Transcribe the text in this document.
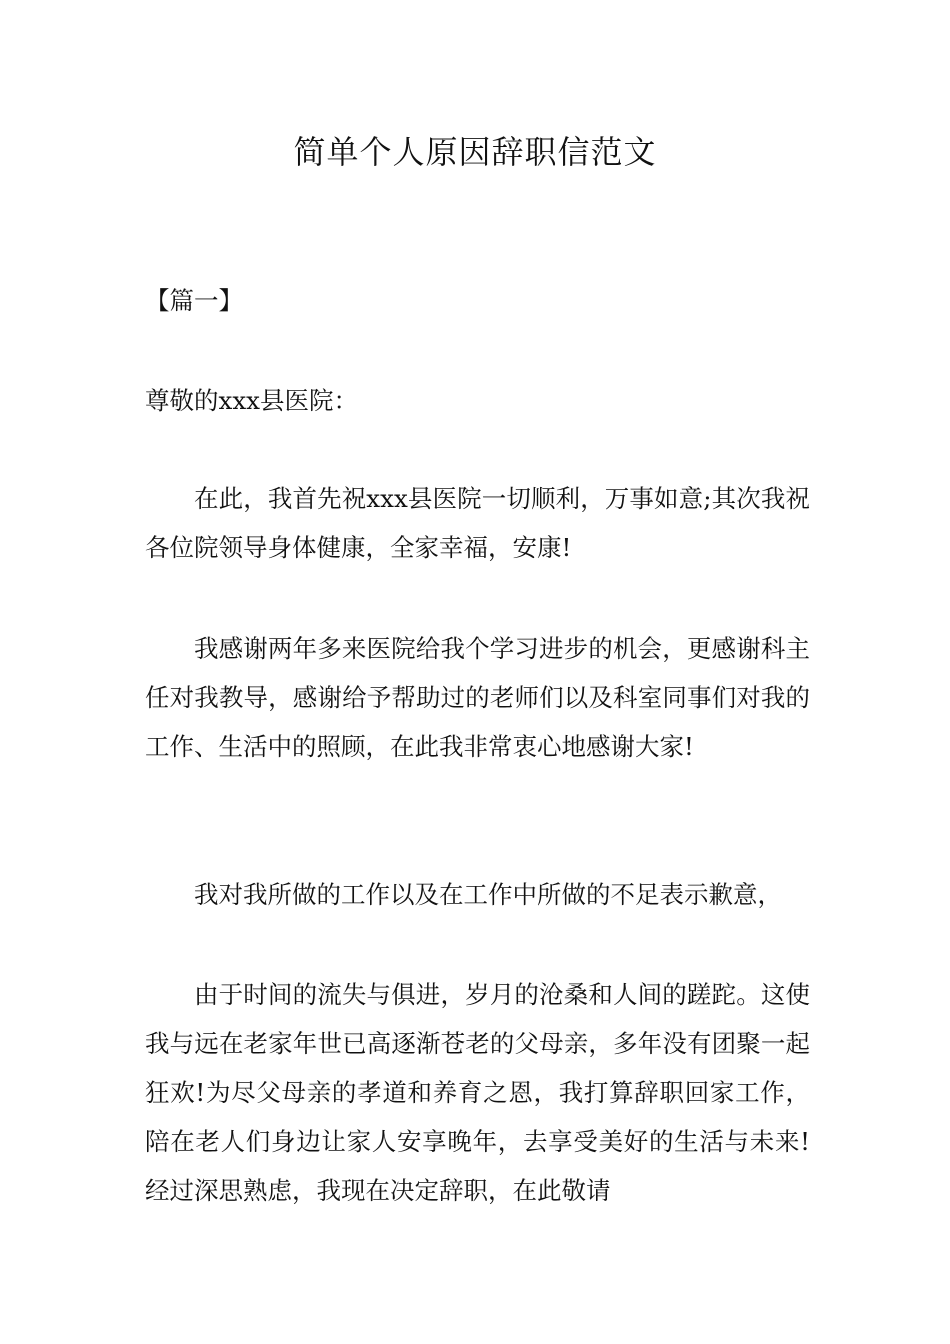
简单个人原因辞职信范文

【篇一】

尊敬的xxx县医院：

在此，我首先祝xxx县医院一切顺利，万事如意;其次我祝各位院领导身体健康，全家幸福，安康!

我感谢两年多来医院给我个学习进步的机会，更感谢科主任对我教导，感谢给予帮助过的老师们以及科室同事们对我的工作、生活中的照顾，在此我非常衷心地感谢大家!

我对我所做的工作以及在工作中所做的不足表示歉意，

由于时间的流失与俱进，岁月的沧桑和人间的蹉跎。这使我与远在老家年世已高逐渐苍老的父母亲，多年没有团聚一起狂欢!为尽父母亲的孝道和养育之恩，我打算辞职回家工作，陪在老人们身边让家人安享晚年，去享受美好的生活与未来!经过深思熟虑，我现在决定辞职，在此敬请
